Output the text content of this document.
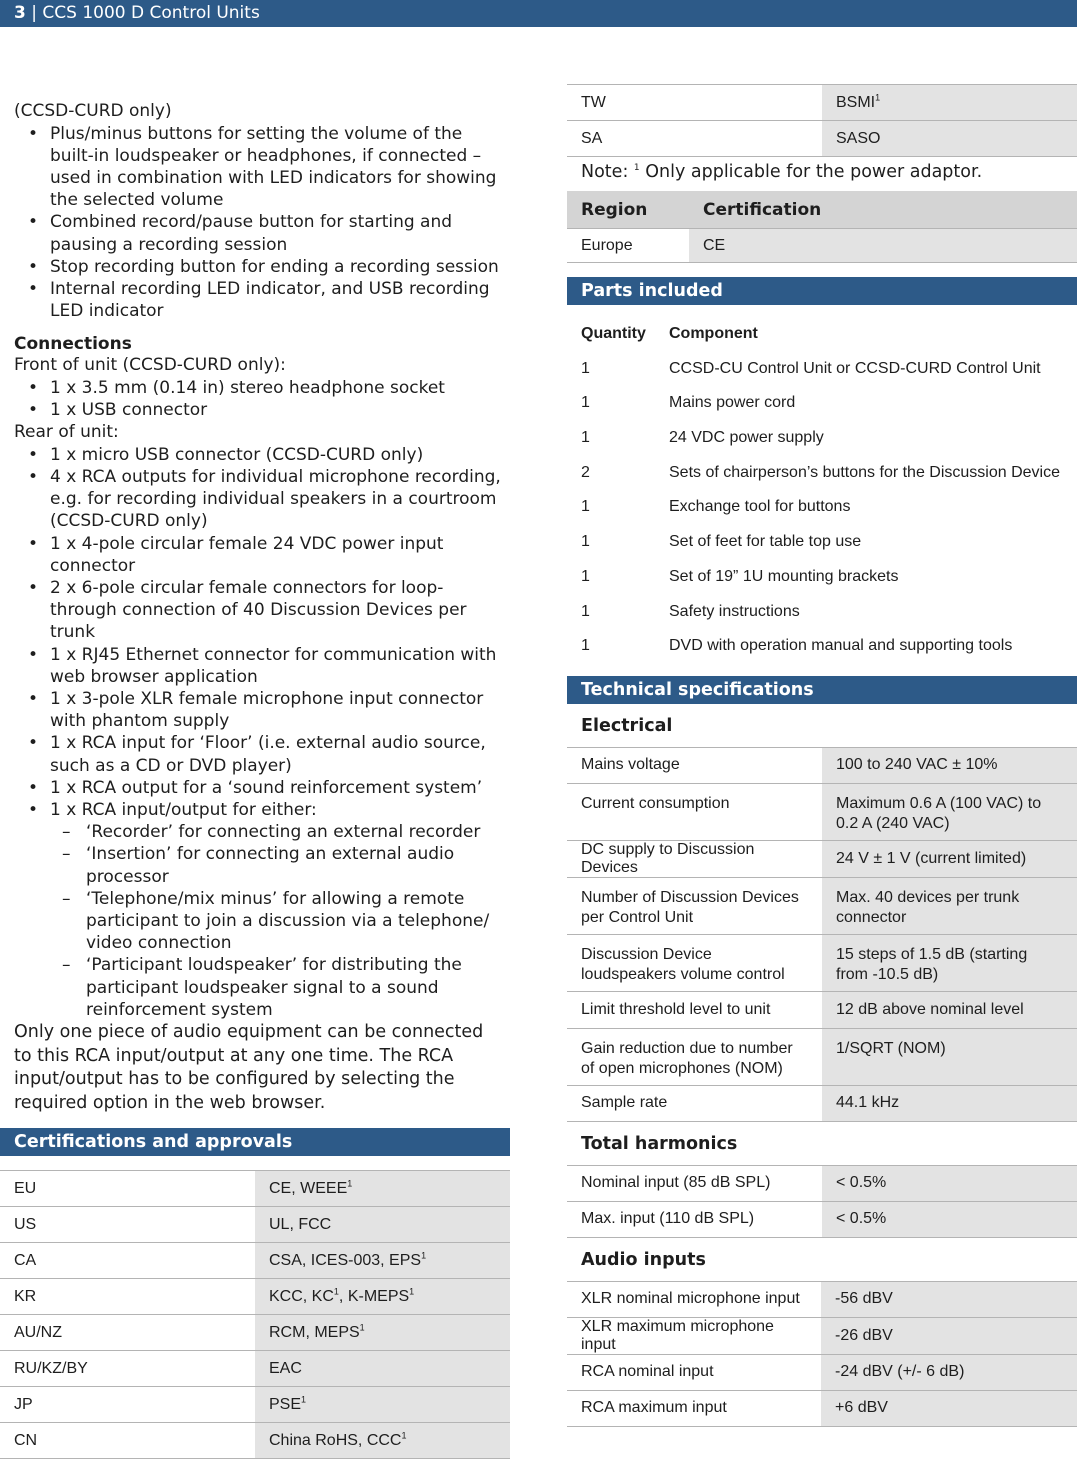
3 | CCS 1000 D Control Units
(CCSD-CURD only)
• Plus/minus buttons for setting the volume of the built-in loudspeaker or headphones, if connected – used in combination with LED indicators for showing the selected volume
• Combined record/pause button for starting and pausing a recording session
• Stop recording button for ending a recording session
• Internal recording LED indicator, and USB recording LED indicator
Connections
Front of unit (CCSD-CURD only):
• 1 x 3.5 mm (0.14 in) stereo headphone socket
• 1 x USB connector
Rear of unit:
• 1 x micro USB connector (CCSD-CURD only)
• 4 x RCA outputs for individual microphone recording, e.g. for recording individual speakers in a courtroom (CCSD-CURD only)
• 1 x 4-pole circular female 24 VDC power input connector
• 2 x 6-pole circular female connectors for loop-through connection of 40 Discussion Devices per trunk
• 1 x RJ45 Ethernet connector for communication with web browser application
• 1 x 3-pole XLR female microphone input connector with phantom supply
• 1 x RCA input for ‘Floor’ (i.e. external audio source, such as a CD or DVD player)
• 1 x RCA output for a ‘sound reinforcement system’
• 1 x RCA input/output for either:
– ‘Recorder’ for connecting an external recorder
– ‘Insertion’ for connecting an external audio processor
– ‘Telephone/mix minus’ for allowing a remote participant to join a discussion via a telephone/ video connection
– ‘Participant loudspeaker’ for distributing the participant loudspeaker signal to a sound reinforcement system
Only one piece of audio equipment can be connected to this RCA input/output at any one time. The RCA input/output has to be configured by selecting the required option in the web browser.
Certifications and approvals
EU	CE, WEEE$^1$
US	UL, FCC
CA	CSA, ICES-003, EPS$^1$
KR	KCC, $KC^1$, K-MEPS$^1$
AU/NZ	RCM, MEPS$^1$
RU/KZ/BY	EAC
JP	PSE$^1$
CN	China RoHS, CCC$^1$
TW	BSMI$^1$
SA	SASO
Note: $^1$ Only applicable for the power adaptor.
Region	Certification
Europe	CE
Parts included
Quantity	Component
1	CCSD-CU Control Unit or CCSD-CURD Control Unit
1	Mains power cord
1	24 VDC power supply
2	Sets of chairperson’s buttons for the Discussion Device
1	Exchange tool for buttons
1	Set of feet for table top use
1	Set of 19” 1U mounting brackets
1	Safety instructions
1	DVD with operation manual and supporting tools
Technical specifications
Electrical
Mains voltage	100 to 240 VAC ± 10%
Current consumption	Maximum 0.6 A (100 VAC) to 0.2 A (240 VAC)
DC supply to Discussion Devices	24 V ± 1 V (current limited)
Number of Discussion Devices per Control Unit	Max. 40 devices per trunk connector
Discussion Device loudspeakers volume control	15 steps of 1.5 dB (starting from -10.5 dB)
Limit threshold level to unit	12 dB above nominal level
Gain reduction due to number of open microphones (NOM)	1/SQRT (NOM)
Sample rate	44.1 kHz
Total harmonics
Nominal input (85 dB SPL)	< 0.5%
Max. input (110 dB SPL)	< 0.5%
Audio inputs
XLR nominal microphone input	-56 dBV
XLR maximum microphone input	-26 dBV
RCA nominal input	-24 dBV (+/- 6 dB)
RCA maximum input	+6 dBV
